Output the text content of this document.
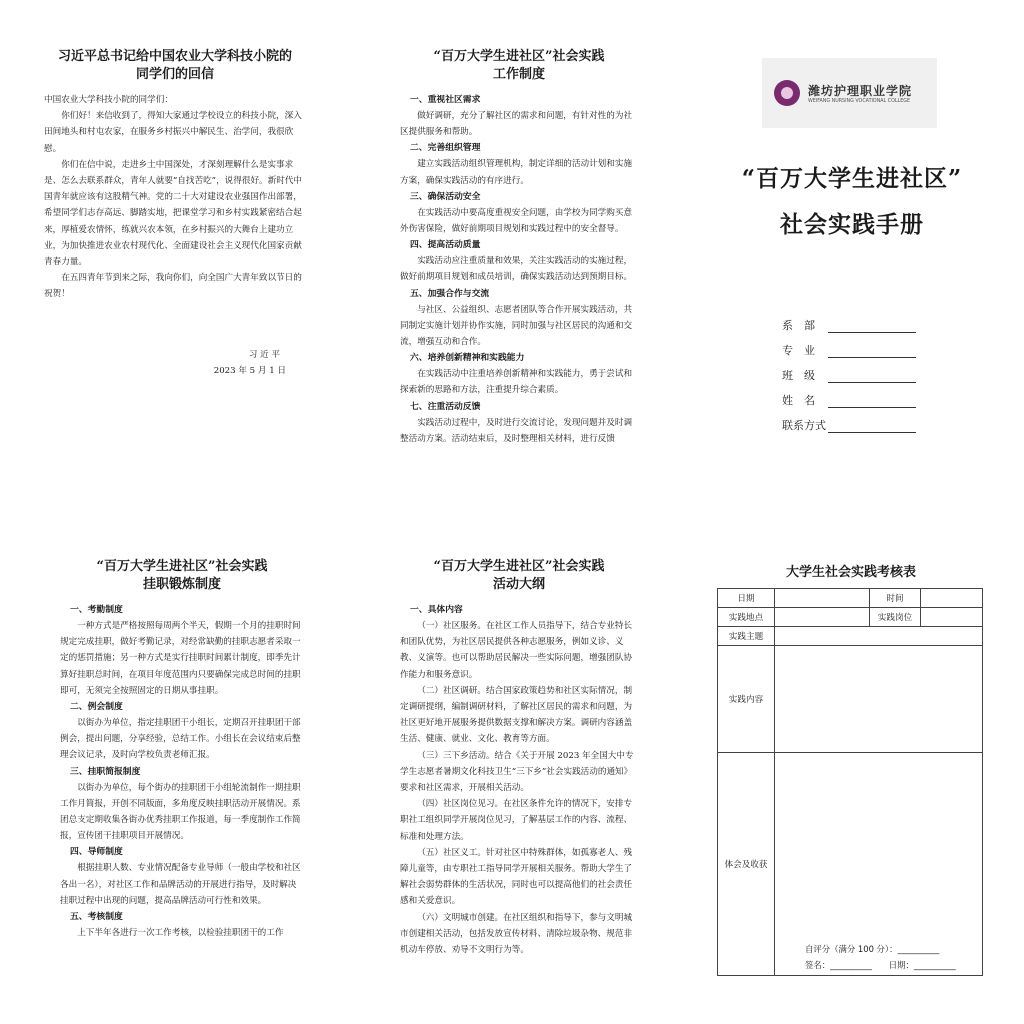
习近平总书记给中国农业大学科技小院的

同学们的回信

中国农业大学科技小院的同学们：

你们好！来信收到了，得知大家通过学校设立的科技小院，深入田间地头和村屯农家，在服务乡村振兴中解民生、治学问，我很欣慰。

你们在信中说，走进乡土中国深处，才深刻理解什么是实事求是、怎么去联系群众，青年人就要“自找苦吃”，说得很好。新时代中国青年就应该有这股精气神。党的二十大对建设农业强国作出部署，希望同学们志存高远、脚踏实地，把课堂学习和乡村实践紧密结合起来，厚植爱农情怀，练就兴农本领，在乡村振兴的大舞台上建功立业，为加快推进农业农村现代化、全面建设社会主义现代化国家贡献青春力量。

在五四青年节到来之际，我向你们，向全国广大青年致以节日的祝贺！

习 近 平

2023 年 5 月 1 日

“百万大学生进社区”社会实践

工作制度

一、重视社区需求

做好调研，充分了解社区的需求和问题，有针对性的为社区提供服务和帮助。

二、完善组织管理

建立实践活动组织管理机构，制定详细的活动计划和实施方案，确保实践活动的有序进行。

三、确保活动安全

在实践活动中要高度重视安全问题，由学校为同学购买意外伤害保险，做好前期项目规划和实践过程中的安全督导。

四、提高活动质量

实践活动应注重质量和效果，关注实践活动的实施过程，做好前期项目规划和成员培训，确保实践活动达到预期目标。

五、加强合作与交流

与社区、公益组织、志愿者团队等合作开展实践活动，共同制定实施计划并协作实施，同时加强与社区居民的沟通和交流，增强互动和合作。

六、培养创新精神和实践能力

在实践活动中注重培养创新精神和实践能力，勇于尝试和探索新的思路和方法，注重提升综合素质。

七、注重活动反馈

实践活动过程中，及时进行交流讨论，发现问题并及时调整活动方案。活动结束后，及时整理相关材料，进行反馈

潍坊护理职业学院
WEIFANG NURSING VOCATIONAL COLLEGE
“百万大学生进社区”
社会实践手册
系　部
专　业
班　级
姓　名
联系方式

“百万大学生进社区”社会实践

挂职锻炼制度

一、考勤制度

一种方式是严格按照每周两个半天，假期一个月的挂职时间规定完成挂职，做好考勤记录，对经常缺勤的挂职志愿者采取一定的惩罚措施；另一种方式是实行挂职时间累计制度，即季先计算好挂职总时间，在项目年度范围内只要确保完成总时间的挂职即可，无须完全按照固定的日期从事挂职。

二、例会制度

以街办为单位，指定挂职团干小组长，定期召开挂职团干部例会，提出问题，分享经验，总结工作。小组长在会议结束后整理会议记录，及时向学校负责老师汇报。

三、挂职简报制度

以街办为单位，每个街办的挂职团干小组轮流制作一期挂职工作月简报，开创不同版面，多角度反映挂职活动开展情况。系团总支定期收集各街办优秀挂职工作报道，每一季度制作工作简报，宣传团干挂职项目开展情况。

四、导师制度

根据挂职人数、专业情况配备专业导师（一般由学校和社区各出一名），对社区工作和品牌活动的开展进行指导，及时解决挂职过程中出现的问题，提高品牌活动可行性和效果。

五、考核制度

上下半年各进行一次工作考核，以检验挂职团干的工作

“百万大学生进社区”社会实践

活动大纲

一、具体内容

（一）社区服务。在社区工作人员指导下，结合专业特长和团队优势，为社区居民提供各种志愿服务，例如义诊、义教、义演等。也可以帮助居民解决一些实际问题，增强团队协作能力和服务意识。

（二）社区调研。结合国家政策趋势和社区实际情况，制定调研提纲，编制调研材料，了解社区居民的需求和问题，为社区更好地开展服务提供数据支撑和解决方案。调研内容涵盖生活、健康、就业、文化、教育等方面。

（三）三下乡活动。结合《关于开展 2023 年全国大中专学生志愿者暑期文化科技卫生“三下乡”社会实践活动的通知》要求和社区需求，开展相关活动。

（四）社区岗位见习。在社区条件允许的情况下，安排专职社工组织同学开展岗位见习，了解基层工作的内容、流程、标准和处理方法。

（五）社区义工。针对社区中特殊群体，如孤寡老人、残障儿童等，由专职社工指导同学开展相关服务。帮助大学生了解社会弱势群体的生活状况，同时也可以提高他们的社会责任感和关爱意识。

（六）文明城市创建。在社区组织和指导下，参与文明城市创建相关活动，包括发放宣传材料、清除垃圾杂物、规范非机动车停放、劝导不文明行为等。

大学生社会实践考核表

日期		时间	
实践地点		实践岗位	
实践主题			
实践内容			
体会及收获	自评分（满分 100 分）：__________
签名：__________　　日期：__________		
